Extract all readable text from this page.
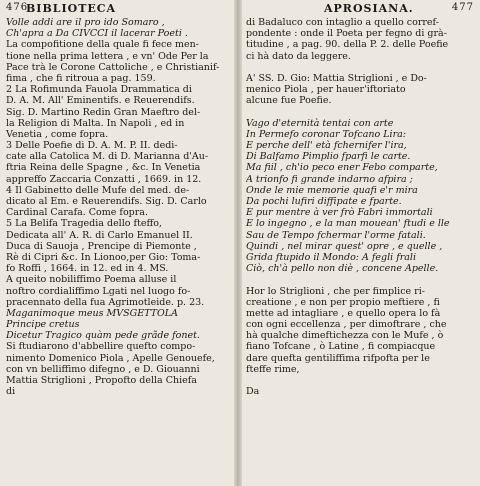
476
BIBLIOTECA
Volle addi are il pro ido Somaro ,
Ch'apra a Da CIVCCI il lacerar Poeti .
La compofitione della quale fi fece men-
tione nella prima lettera , e vn' Ode Per la
Pace trà le Corone Cattoliche , e Christianif-
fima , che fi ritroua a pag. 159.
2 La Rofimunda Fauola Drammatica di
D. A. M. All' Eminentifs. e Reuerendifs.
Sig. D. Martino Redin Gran Maeftro del-
la Religion di Malta. In Napoli , ed in
Venetia , come fopra.
3 Delle Poefie di D. A. M. P. II. dedi-
cate alla Catolica M. di D. Marianna d'Au-
ftria Reina delle Spagne , &c. In Venetia
appreffo Zaccaria Conzatti , 1669. in 12.
4 Il Gabinetto delle Mufe del med. de-
dicato al Em. e Reuerendifs. Sig. D. Carlo
Cardinal Carafa. Come fopra.
5 La Belifa Tragedia dello fteffo,
Dedicata all' A. R. di Carlo Emanuel II.
Duca di Sauoja , Prencipe di Piemonte ,
Rè di Cipri &c. In Lionoo,per Gio: Toma-
fo Roffi , 1664. in 12. ed in 4. MS.
A queito nobiliffimo Poema alluse il
noftro cordialiffimo Lgati nel luogo fo-
pracennato della fua Agrimotleide. p. 23.
Maganimoque meus MVSGETTOLA
Principe cretus
Dicetur Tragico quàm pede grãde fonet.
Si ftudiarono d'abbellire quefto compo-
nimento Domenico Piola , Apelle Genouefe,
con vn belliffimo difegno , e D. Giouanni
Mattia Striglioni , Propofto della Chiefa
di
APROSIANA.	477
di Badaluco con intaglio a quello corref-
pondente : onde il Poeta per fegno di grà-
titudine , a pag. 90. della P. 2. delle Poefie
ci hà dato da leggere.
A' SS. D. Gio: Mattia Striglioni , e Do-
menico Piola , per hauer'iftoriato
alcune fue Poefie.
Vago d'eternità tentai con arte
In Permefo coronar Tofcano Lira:
E perche dell' età fchernifer l'ira,
Di Balfamo Pimplio fparfi le carte.
Ma fiil , ch'io peco ener Febo comparte,
A trionfo fi grande indarno afpira ;
Onde le mie memorie quafi e'r mira
Da pochi lufiri diffipate e fparte.
E pur mentre à ver frò Fabri immortali
E lo ingegno , e la man mouean' ftudi e lle
Sau de Tempo fchermar l'orme fatali.
Quindi , nel mirar quest' opre , e quelle ,
Grida ftupido il Mondo: A fegli frali
Ciò, ch'à pello non diè , concene Apelle.
Hor lo Striglioni , che per fimplice ri-
creatione , e non per propio meftiere , fi
mette ad intagliare , e quello opera lo fà
con ogni eccellenza , per dimoftrare , che
hà qualche dimeftichezza con le Mufe , ò
fiano Tofcane , ò Latine , fi compiacque
dare quefta gentiliffima rifpofta per le
fteffe rime,
Da
